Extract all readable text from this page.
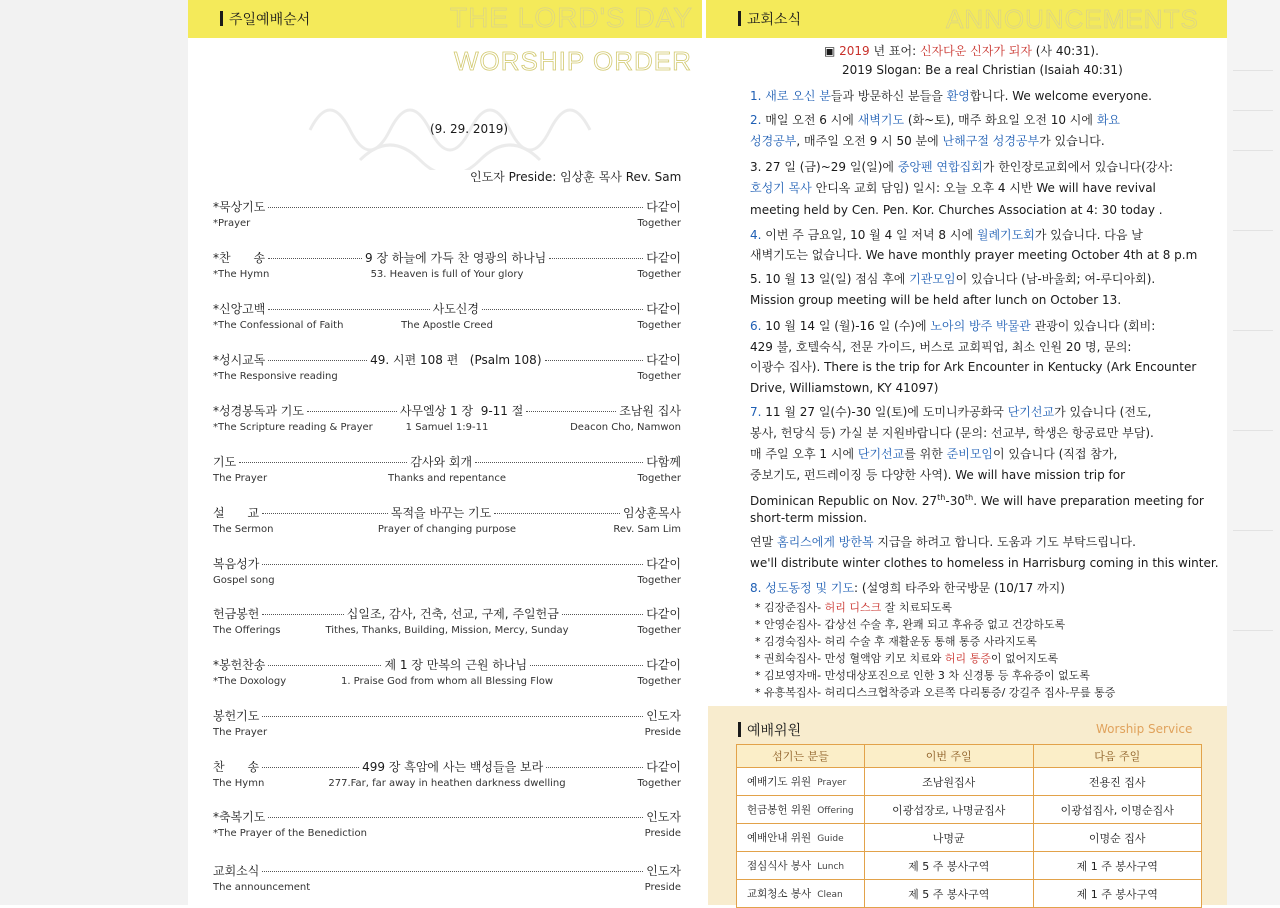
주일예배순서	THE LORD'S DAY
WORSHIP ORDER
(9. 29. 2019)
인도자 Preside: 임상훈 목사 Rev. Sam
*묵상기도	다같이
*Prayer	Together
*찬      송	9 장 하늘에 가득 찬 영광의 하나님	다같이
*The Hymn	53. Heaven is full of Your glory	Together
*신앙고백	사도신경	다같이
*The Confessional of Faith	The Apostle Creed	Together
*성시교독	49. 시편 108 편   (Psalm 108)	다같이
*The Responsive reading	Together
*성경봉독과 기도	사무엘상 1 장  9-11 절	조남원 집사
*The Scripture reading & Prayer	1 Samuel 1:9-11	Deacon Cho, Namwon
기도	감사와 회개	다함께
The Prayer	Thanks and repentance	Together
설      교	목적을 바꾸는 기도	임상훈목사
The Sermon	Prayer of changing purpose	Rev. Sam Lim
복음성가	다같이
Gospel song	Together
헌금봉헌	십일조, 감사, 건축, 선교, 구제, 주일헌금	다같이
The Offerings	Tithes, Thanks, Building, Mission, Mercy, Sunday	Together
*봉헌찬송	제 1 장 만복의 근원 하나님	다같이
*The Doxology	1. Praise God from whom all Blessing Flow	Together
봉헌기도	인도자
The Prayer	Preside
찬      송	499 장 흑암에 사는 백성들을 보라	다같이
The Hymn	277.Far, far away in heathen darkness dwelling	Together
*축복기도	인도자
*The Prayer of the Benediction	Preside
교회소식	인도자
The announcement	Preside
교회소식	ANNOUNCEMENTS
▣ 2019 년 표어: 신자다운 신자가 되자 (사 40:31).
2019 Slogan: Be a real Christian (Isaiah 40:31)
1. 새로 오신 분들과 방문하신 분들을 환영합니다. We welcome everyone.
2. 매일 오전 6 시에 새벽기도 (화~토), 매주 화요일 오전 10 시에 화요
성경공부, 매주일 오전 9 시 50 분에 난해구절 성경공부가 있습니다.
3. 27 일 (금)~29 일(일)에 중앙펜 연합집회가 한인장로교회에서 있습니다(강사:
호성기 목사 안디옥 교회 담임) 일시: 오늘 오후 4 시반 We will have revival
meeting held by Cen. Pen. Kor. Churches Association at 4: 30 today .
4. 이번 주 금요일, 10 월 4 일 저녁 8 시에 월례기도회가 있습니다. 다음 날
새벽기도는 없습니다. We have monthly prayer meeting October 4th at 8 p.m
5. 10 월 13 일(일) 점심 후에 기관모임이 있습니다 (남-바울회; 여-루디아회).
Mission group meeting will be held after lunch on October 13.
6. 10 월 14 일 (월)-16 일 (수)에 노아의 방주 박물관 관광이 있습니다 (회비:
429 불, 호텔숙식, 전문 가이드, 버스로 교회픽업, 최소 인원 20 명, 문의:
이광수 집사). There is the trip for Ark Encounter in Kentucky (Ark Encounter
Drive, Williamstown, KY 41097)
7. 11 월 27 일(수)-30 일(토)에 도미니카공화국 단기선교가 있습니다 (전도,
봉사, 헌당식 등) 가실 분 지원바랍니다 (문의: 선교부, 학생은 항공료만 부담).
매 주일 오후 1 시에 단기선교를 위한 준비모임이 있습니다 (직접 참가,
중보기도, 펀드레이징 등 다양한 사역). We will have mission trip for
Dominican Republic on Nov. 27th-30th. We will have preparation meeting for
short-term mission.
연말 홈리스에게 방한복 지급을 하려고 합니다. 도움과 기도 부탁드립니다.
we'll distribute winter clothes to homeless in Harrisburg coming in this winter.
8. 성도동정 및 기도: (설영희 타주와 한국방문 (10/17 까지)
* 김장준집사- 허리 디스크 잘 치료되도록
* 안영순집사- 갑상선 수술 후, 완쾌 되고 후유증 없고 건강하도록
* 김경숙집사- 허리 수술 후 재활운동 통해 통증 사라지도록
* 권희숙집사- 만성 혈액암 키모 치료와 허리 통증이 없어지도록
* 김보영자매- 만성대상포진으로 인한 3 차 신경통 등 후유증이 없도록
* 유흥복집사- 허리디스크협착증과 오른쪽 다리통증/ 강길주 집사-무릎 통증
예배위원	Worship Service
섬기는 분들	이번 주일	다음 주일
예배기도 위원 Prayer	조남원집사	전용진 집사
헌금봉헌 위원 Offering	이광섭장로, 나명균집사	이광섭집사, 이명순집사
예배안내 위원 Guide	나명균	이명순 집사
점심식사 봉사 Lunch	제 5 주 봉사구역	제 1 주 봉사구역
교회청소 봉사 Clean	제 5 주 봉사구역	제 1 주 봉사구역
